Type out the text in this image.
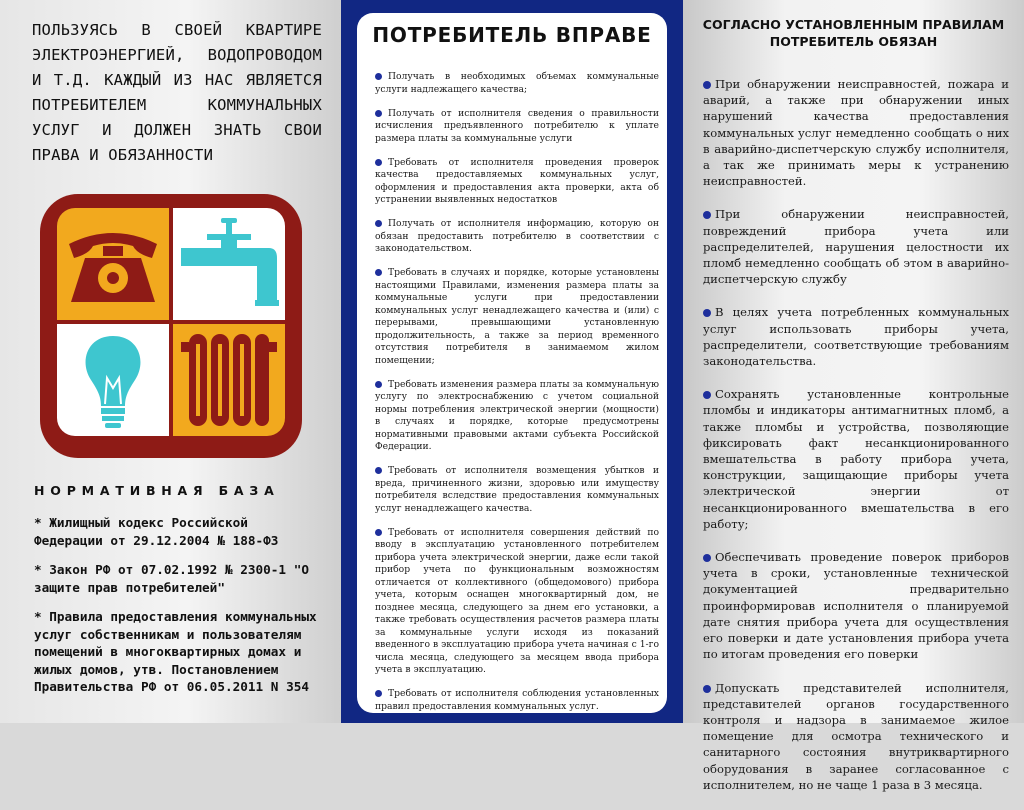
ПОЛЬЗУЯСЬ В СВОЕЙ КВАРТИРЕ ЭЛЕКТРОЭНЕРГИЕЙ, ВОДОПРОВОДОМ И Т.Д. КАЖДЫЙ ИЗ НАС ЯВЛЯЕТСЯ ПОТРЕБИТЕЛЕМ КОММУНАЛЬНЫХ УСЛУГ И ДОЛЖЕН ЗНАТЬ СВОИ ПРАВА И ОБЯЗАННОСТИ
НОРМАТИВНАЯ БАЗА

* Жилищный кодекс Российской Федерации от 29.12.2004 № 188-ФЗ

* Закон РФ от 07.02.1992 № 2300-1 "О защите прав потребителей"

* Правила предоставления коммунальных услуг собственникам и пользователям помещений в многоквартирных домах и жилых домов, утв. Постановлением Правительства РФ от 06.05.2011 N 354

ПОТРЕБИТЕЛЬ ВПРАВЕ

Получать в необходимых объемах коммунальные услуги надлежащего качества;

Получать от исполнителя сведения о правильности исчисления предъявленного потребителю к уплате размера платы за коммунальные услуги

Требовать от исполнителя проведения проверок качества предоставляемых коммунальных услуг, оформления и предоставления акта проверки, акта об устранении выявленных недостатков

Получать от исполнителя информацию, которую он обязан предоставить потребителю в соответствии с законодательством.

Требовать в случаях и порядке, которые установлены настоящими Правилами, изменения размера платы за коммунальные услуги при предоставлении коммунальных услуг ненадлежащего качества и (или) с перерывами, превышающими установленную продолжительность, а также за период временного отсутствия потребителя в занимаемом жилом помещении;

Требовать изменения размера платы за коммунальную услугу по электроснабжению с учетом социальной нормы потребления электрической энергии (мощности) в случаях и порядке, которые предусмотрены нормативными правовыми актами субъекта Российской Федерации.

Требовать от исполнителя возмещения убытков и вреда, причиненного жизни, здоровью или имуществу потребителя вследствие предоставления коммунальных услуг ненадлежащего качества.

Требовать от исполнителя совершения действий по вводу в эксплуатацию установленного потребителем прибора учета электрической энергии, даже если такой прибор учета по функциональным возможностям отличается от коллективного (общедомового) прибора учета, которым оснащен многоквартирный дом, не позднее месяца, следующего за днем его установки, а также требовать осуществления расчетов размера платы за коммунальные услуги исходя из показаний введенного в эксплуатацию прибора учета начиная с 1-го числа месяца, следующего за месяцем ввода прибора учета в эксплуатацию.

Требовать от исполнителя соблюдения установленных правил предоставления коммунальных услуг.

СОГЛАСНО УСТАНОВЛЕННЫМ ПРАВИЛАМ
ПОТРЕБИТЕЛЬ ОБЯЗАН

При обнаружении неисправностей, пожара и аварий, а также при обнаружении иных нарушений качества предоставления коммунальных услуг немедленно сообщать о них в аварийно-диспетчерскую службу исполнителя, а так же принимать меры к устранению неисправностей.

При обнаружении неисправностей, повреждений прибора учета или распределителей, нарушения целостности их пломб немедленно сообщать об этом в аварийно-диспетчерскую службу

В целях учета потребленных коммунальных услуг использовать приборы учета, распределители, соответствующие требованиям законодательства.

Сохранять установленные контрольные пломбы и индикаторы антимагнитных пломб, а также пломбы и устройства, позволяющие фиксировать факт несанкционированного вмешательства в работу прибора учета, конструкции, защищающие приборы учета электрической энергии от несанкционированного вмешательства в его работу;

Обеспечивать проведение поверок приборов учета в сроки, установленные технической документацией предварительно проинформировав исполнителя о планируемой дате снятия прибора учета для осуществления его поверки и дате установления прибора учета по итогам проведения его поверки

Допускать представителей исполнителя, представителей органов государственного контроля и надзора в занимаемое жилое помещение для осмотра технического и санитарного состояния внутриквартирного оборудования в заранее согласованное с исполнителем, но не чаще 1 раза в 3 месяца.
